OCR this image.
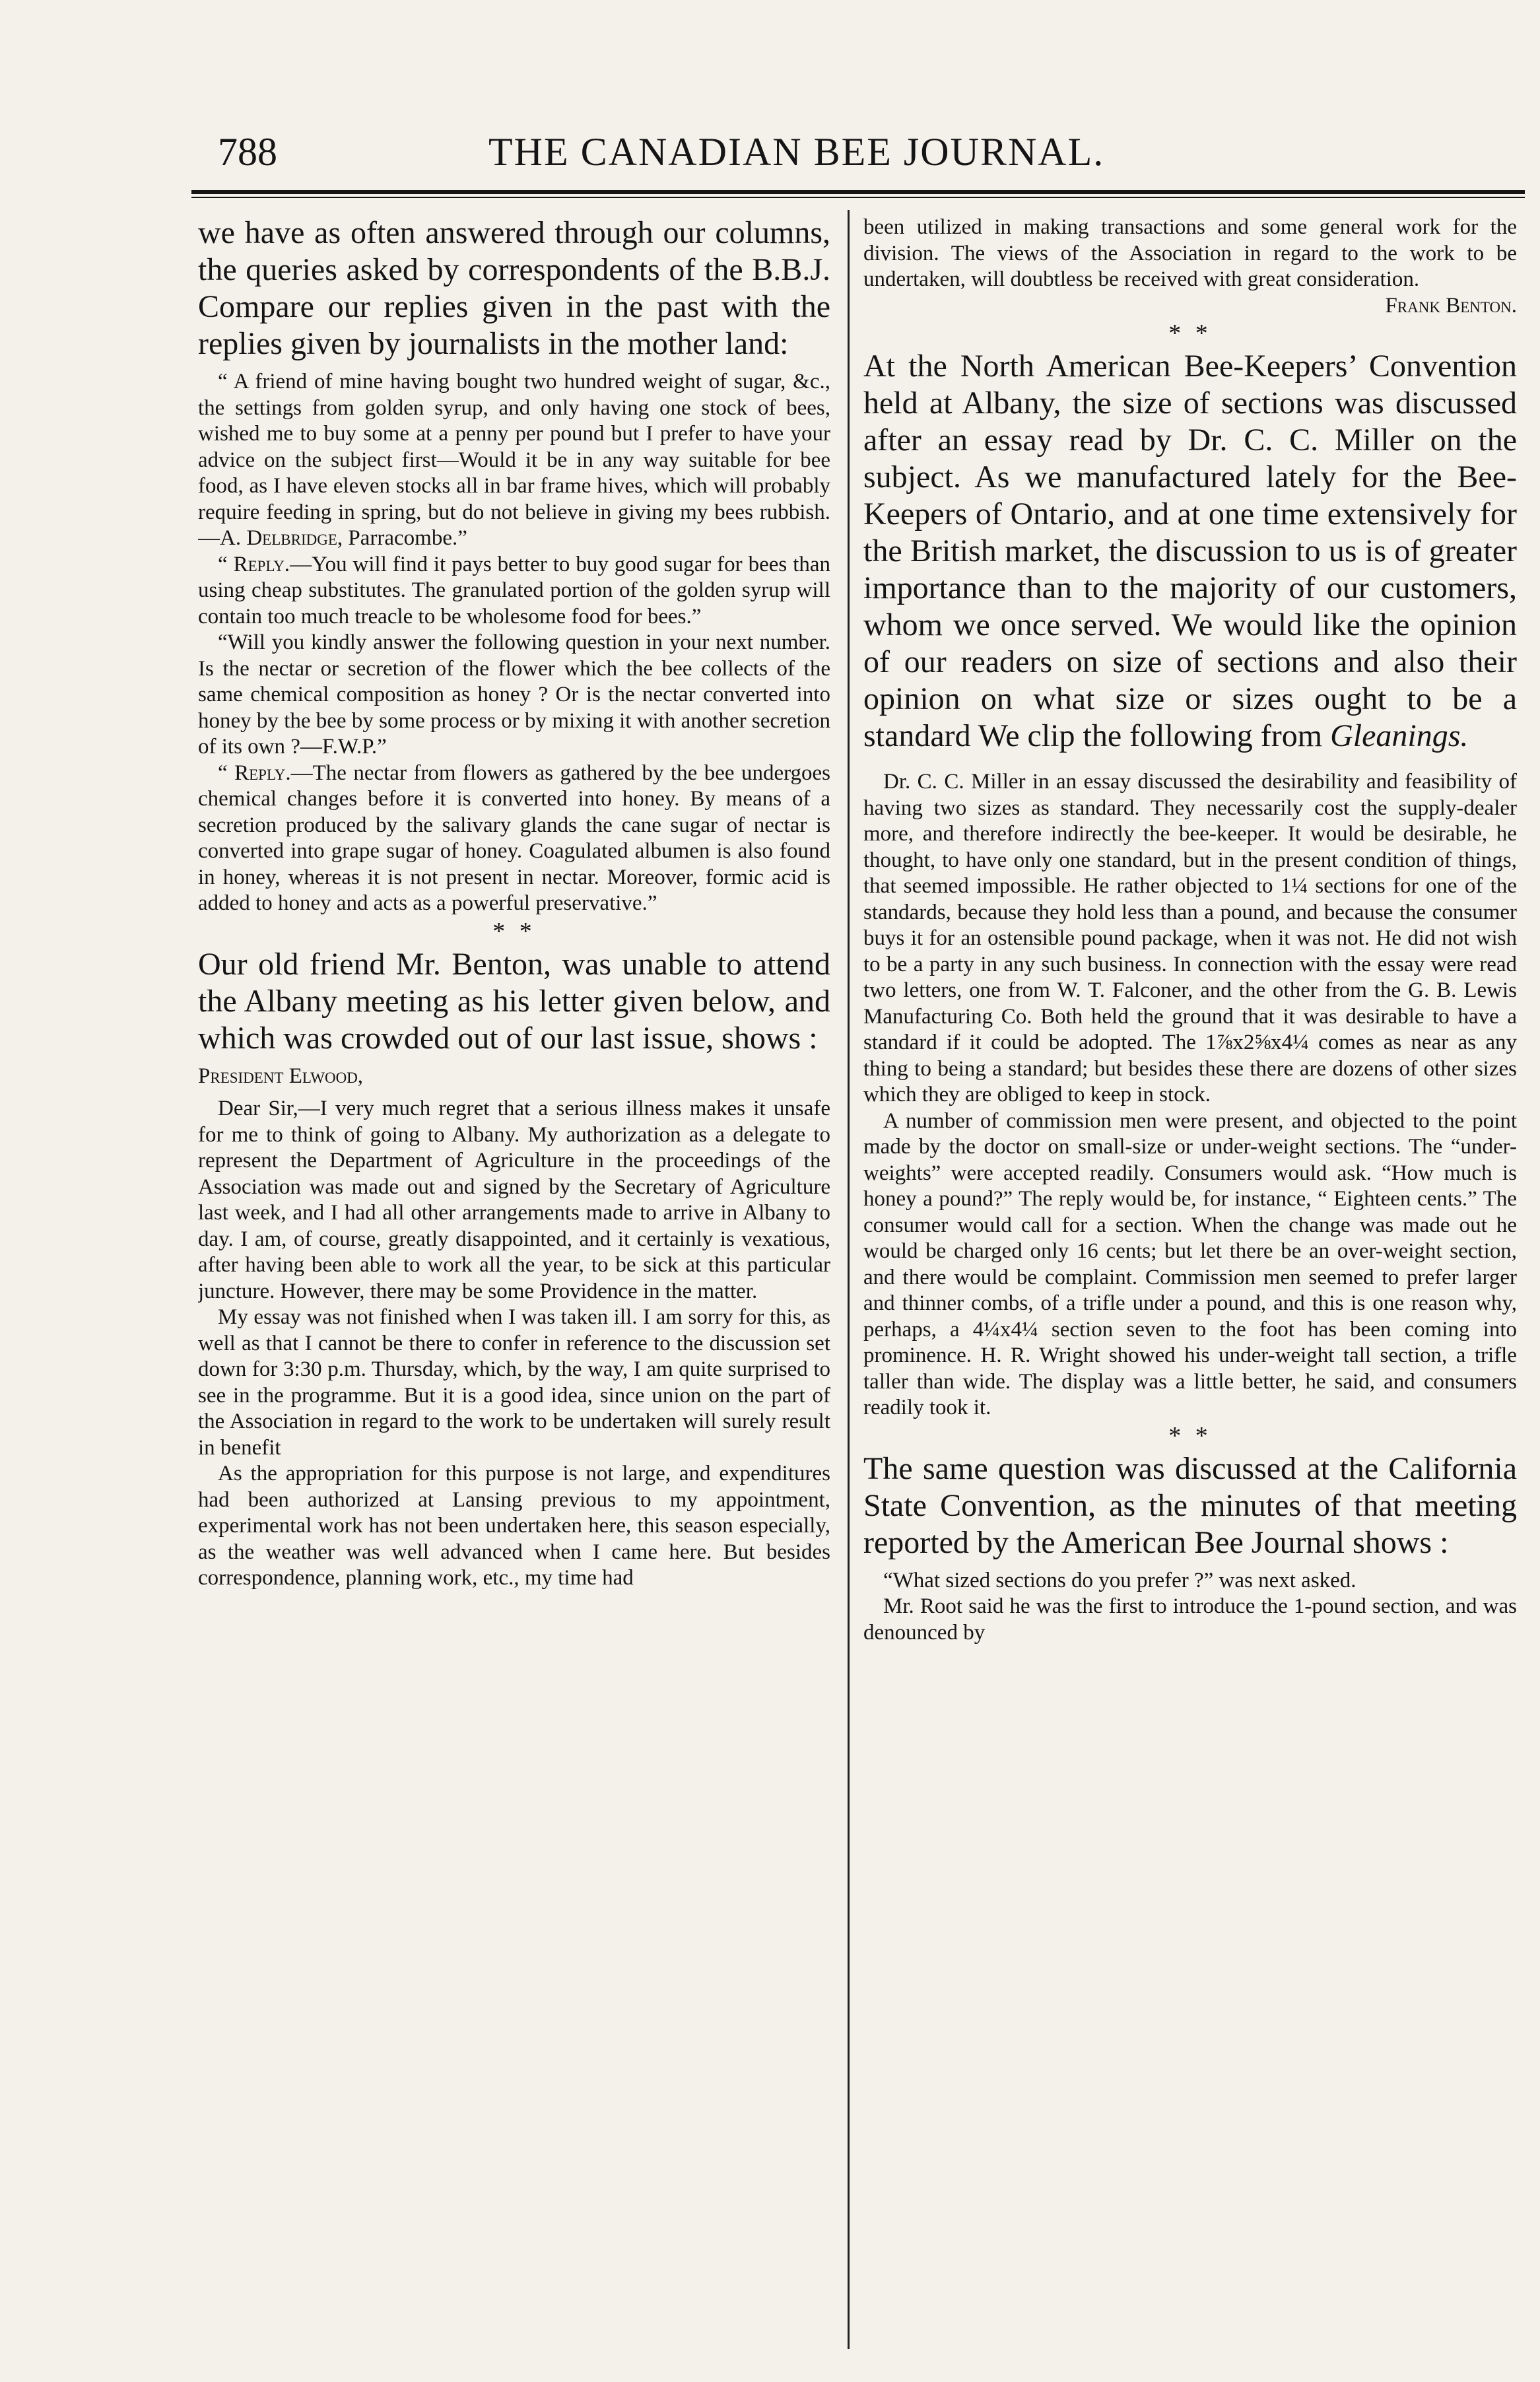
788	THE CANADIAN BEE JOURNAL.

we have as often answered through our columns, the queries asked by correspondents of the B.B.J. Compare our replies given in the past with the replies given by journalists in the mother land:

“ A friend of mine having bought two hundred weight of sugar, &c., the settings from golden syrup, and only having one stock of bees, wished me to buy some at a penny per pound but I prefer to have your advice on the subject first—Would it be in any way suitable for bee food, as I have eleven stocks all in bar frame hives, which will probably require feeding in spring, but do not believe in giving my bees rubbish.—A. Delbridge, Parracombe.”

“ Reply.—You will find it pays better to buy good sugar for bees than using cheap substitutes. The granulated portion of the golden syrup will contain too much treacle to be wholesome food for bees.”

“Will you kindly answer the following question in your next number. Is the nectar or secretion of the flower which the bee collects of the same chemical composition as honey ? Or is the nectar converted into honey by the bee by some process or by mixing it with another secretion of its own ?—F.W.P.”

“ Reply.—The nectar from flowers as gathered by the bee undergoes chemical changes before it is converted into honey. By means of a secretion produced by the salivary glands the cane sugar of nectar is converted into grape sugar of honey. Coagulated albumen is also found in honey, whereas it is not present in nectar. Moreover, formic acid is added to honey and acts as a powerful preservative.”

* *

Our old friend Mr. Benton, was unable to attend the Albany meeting as his letter given below, and which was crowded out of our last issue, shows :

President Elwood,

Dear Sir,—I very much regret that a serious illness makes it unsafe for me to think of going to Albany. My authorization as a delegate to represent the Department of Agriculture in the proceedings of the Association was made out and signed by the Secretary of Agriculture last week, and I had all other arrangements made to arrive in Albany to day. I am, of course, greatly disappointed, and it certainly is vexatious, after having been able to work all the year, to be sick at this particular juncture. However, there may be some Providence in the matter.

My essay was not finished when I was taken ill. I am sorry for this, as well as that I cannot be there to confer in reference to the discussion set down for 3:30 p.m. Thursday, which, by the way, I am quite surprised to see in the programme. But it is a good idea, since union on the part of the Association in regard to the work to be undertaken will surely result in benefit

As the appropriation for this purpose is not large, and expenditures had been authorized at Lansing previous to my appointment, experimental work has not been undertaken here, this season especially, as the weather was well advanced when I came here. But besides correspondence, planning work, etc., my time had

been utilized in making transactions and some general work for the division. The views of the Association in regard to the work to be undertaken, will doubtless be received with great consideration.

Frank Benton.

* *

At the North American Bee-Keepers’ Convention held at Albany, the size of sections was discussed after an essay read by Dr. C. C. Miller on the subject. As we manufactured lately for the Bee-Keepers of Ontario, and at one time extensively for the British market, the discussion to us is of greater importance than to the majority of our customers, whom we once served. We would like the opinion of our readers on size of sections and also their opinion on what size or sizes ought to be a standard We clip the following from Gleanings.

Dr. C. C. Miller in an essay discussed the desirability and feasibility of having two sizes as standard. They necessarily cost the supply-dealer more, and therefore indirectly the bee-keeper. It would be desirable, he thought, to have only one standard, but in the present condition of things, that seemed impossible. He rather objected to 1¼ sections for one of the standards, because they hold less than a pound, and because the consumer buys it for an ostensible pound package, when it was not. He did not wish to be a party in any such business. In connection with the essay were read two letters, one from W. T. Falconer, and the other from the G. B. Lewis Manufacturing Co. Both held the ground that it was desirable to have a standard if it could be adopted. The 1⅞x2⅝x4¼ comes as near as any thing to being a standard; but besides these there are dozens of other sizes which they are obliged to keep in stock.

A number of commission men were present, and objected to the point made by the doctor on small-size or under-weight sections. The “under-weights” were accepted readily. Consumers would ask. “How much is honey a pound?” The reply would be, for instance, “ Eighteen cents.” The consumer would call for a section. When the change was made out he would be charged only 16 cents; but let there be an over-weight section, and there would be complaint. Commission men seemed to prefer larger and thinner combs, of a trifle under a pound, and this is one reason why, perhaps, a 4¼x4¼ section seven to the foot has been coming into prominence. H. R. Wright showed his under-weight tall section, a trifle taller than wide. The display was a little better, he said, and consumers readily took it.

* *

The same question was discussed at the California State Convention, as the minutes of that meeting reported by the American Bee Journal shows :

“What sized sections do you prefer ?” was next asked.

Mr. Root said he was the first to introduce the 1-pound section, and was denounced by
